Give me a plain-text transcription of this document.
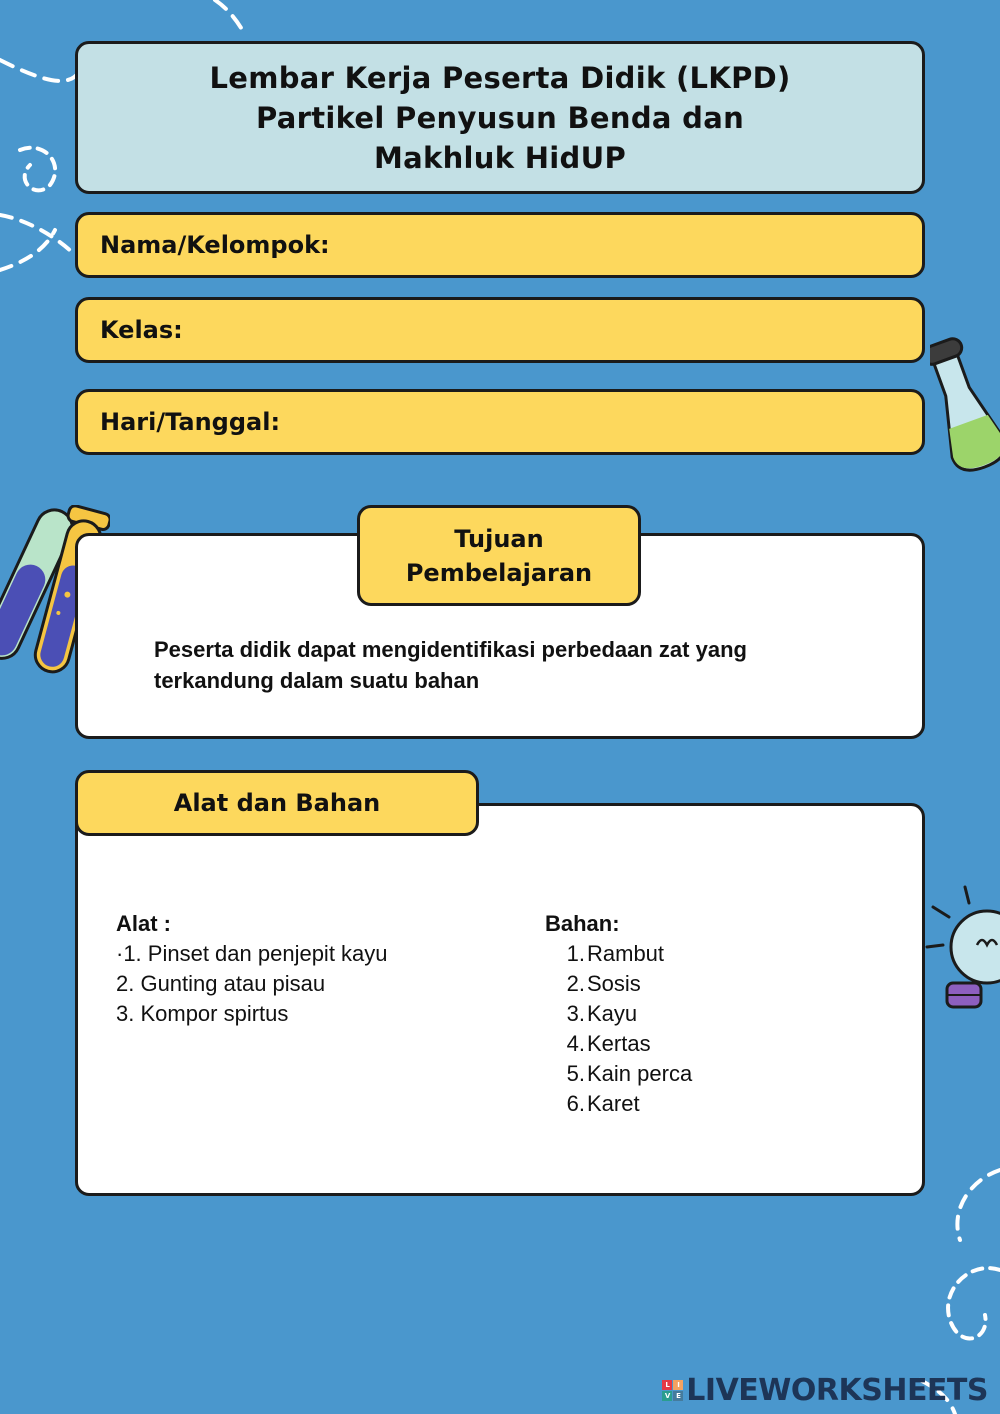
Lembar Kerja Peserta Didik (LKPD)
Partikel Penyusun Benda dan
Makhluk HidUP
Nama/Kelompok:
Kelas:
Hari/Tanggal:
Peserta didik dapat mengidentifikasi perbedaan zat yang
terkandung dalam suatu bahan
Tujuan
Pembelajaran
Alat :
·1. Pinset dan penjepit kayu
2. Gunting atau pisau
3. Kompor spirtus
Bahan:
1.Rambut
2.Sosis
3.Kayu
4.Kertas
5.Kain perca
6.Karet
Alat dan Bahan
L	I
V E LIVEWORKSHEETS
